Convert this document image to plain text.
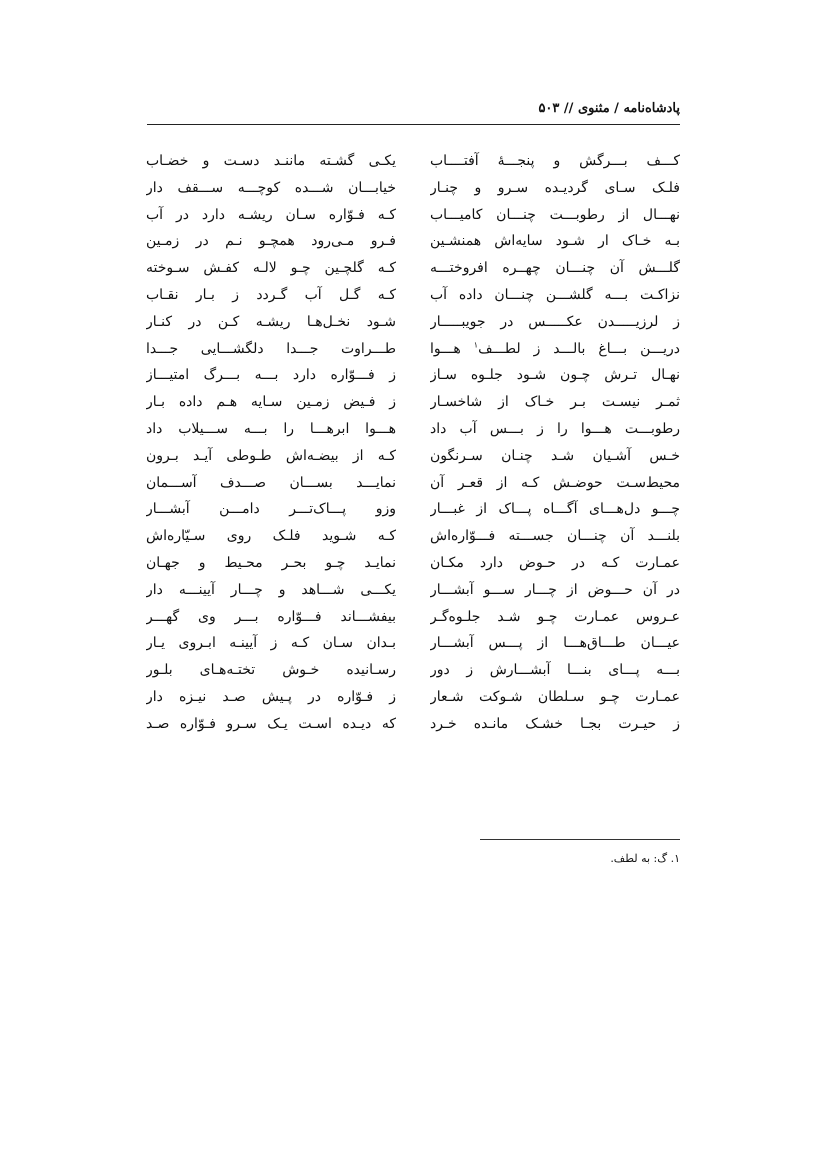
پادشاه‌نامه / مثنوی // ۵۰۳
کـــف بـــرگش و پنجـــهٔ آفتــــاب
فلـک سـای گردیـده سـرو و چنـار
نهـــال از رطوبـــت چنـــان کامیـــاب
بـه خـاک ار شـود سایه‌اش همنشـین
گلـــش آن چنـــان چهــره افروختـــه
نزاکـت بـــه گلشـــن چنـــان داده آب
ز لرزیـــــدن عکـــــس در جویبـــــار
دریـــن بـــاغ بالـــد ز لطـــف$^۱$ هـــوا
نهـال تـرش چـون شـود جلـوه سـاز
ثمـر نیسـت بـر خـاک از شاخسـار
رطوبـــت هـــوا را ز بـــس آب داد
خـس آشـیان شـد چنـان سـرنگون
محیط‌سـت حوضـش کـه از قعـر آن
چـــو دل‌هـــای آگـــاه پـــاک از غبـــار
بلنـــد آن چنـــان جســـته فـــوّاره‌اش
عمـارت کـه در حـوض دارد مکـان
در آن حـــوض از چـــار ســـو آبشـــار
عـروس عمـارت چـو شـد جلـوه‌گـر
عیـــان طـــاق‌هـــا از پـــس آبشـــار
بـــه پـــای بنـــا آبشـــارش ز دور
عمـارت چـو سـلطان شـوکت شـعار
ز حیـرت بجـا خشـک مانـده خـرد
یکـی گشـته ماننـد دسـت و خضـاب
خیابـــان شـــده کوچـــه ســـقف دار
کـه فـوّاره سـان ریشـه دارد در آب
فـرو مـی‌رود همچـو نـم در زمـین
کـه گلچـین چـو لالـه کفـش سـوخته
کـه گـل آب گـردد ز بـار نقـاب
شـود نخـل‌هـا ریشـه کـن در کنـار
طـــراوت جـــدا دلگشـــایی جـــدا
ز فـــوّاره دارد بـــه بـــرگ امتیـــاز
ز فـیض زمـین سـایه هـم داده بـار
هـــوا ابرهـــا را بـــه ســـیلاب داد
کـه از بیضـه‌اش طـوطی آیـد بـرون
نمایـــد بســـان صـــدف آســـمان
وزو پـــاک‌تـــر دامـــن آبشـــار
کـه شـوید فلـک روی سـیّاره‌اش
نمایـد چـو بحـر محـیط و جهـان
یکـــی شـــاهد و چـــار آیینـــه دار
بیفشـــاند فـــوّاره بـــر وی گهـــر
بـدان سـان کـه ز آیینـه ابـروی یـار
رسـانیده خـوش تختـه‌هـای بلـور
ز فـوّاره در پـیش صـد نیـزه دار
که دیـده اسـت یـک سـرو فـوّاره صـد
۱. گ: به لطف.
